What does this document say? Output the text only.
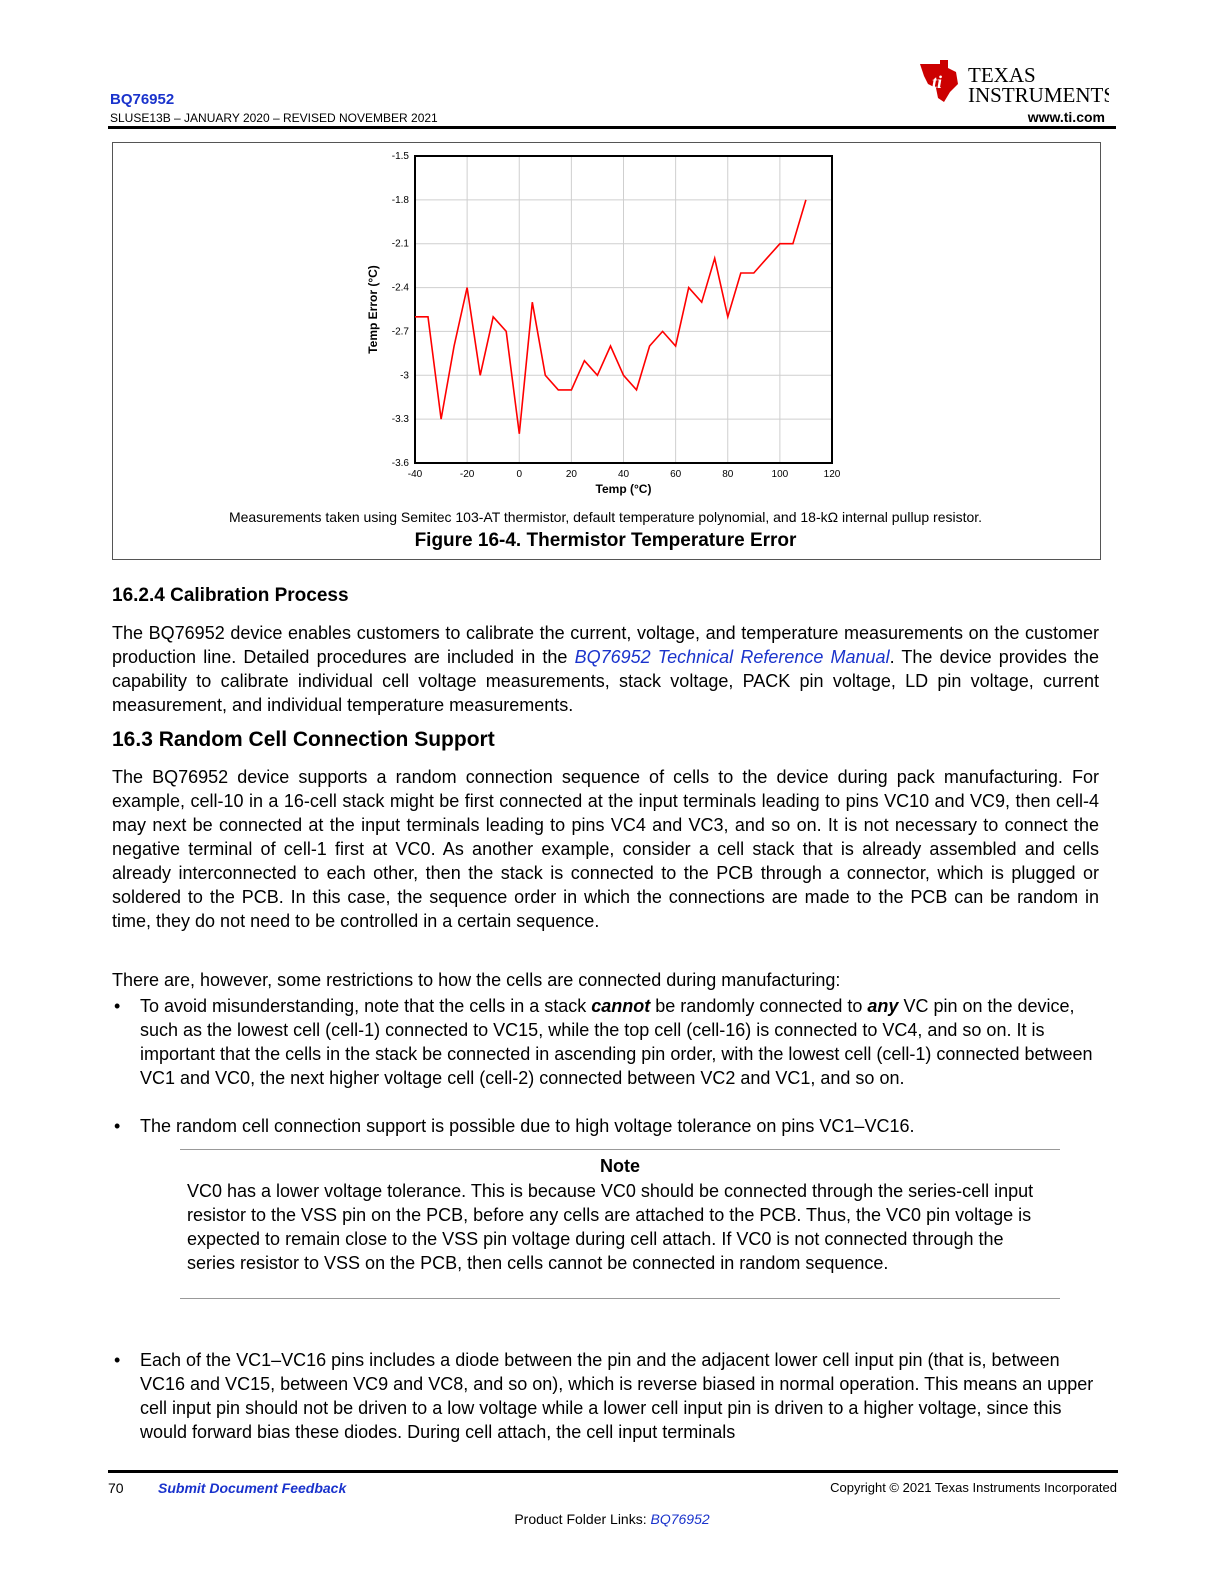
BQ76952
SLUSE13B – JANUARY 2020 – REVISED NOVEMBER 2021
ti TEXAS
INSTRUMENTS
www.ti.com
-40	-20	0	20	40	60	80	100	120
-1.5
-1.8
-2.1
-2.4
-2.7
-3
-3.3
-3.6
Temp (°C)
Temp Error (°C)
Measurements taken using Semitec 103-AT thermistor, default temperature polynomial, and 18-kΩ internal pullup resistor.
Figure 16-4. Thermistor Temperature Error
16.2.4 Calibration Process
The BQ76952 device enables customers to calibrate the current, voltage, and temperature measurements on the customer production line. Detailed procedures are included in the BQ76952 Technical Reference Manual. The device provides the capability to calibrate individual cell voltage measurements, stack voltage, PACK pin voltage, LD pin voltage, current measurement, and individual temperature measurements.
16.3 Random Cell Connection Support
The BQ76952 device supports a random connection sequence of cells to the device during pack manufacturing. For example, cell-10 in a 16-cell stack might be first connected at the input terminals leading to pins VC10 and VC9, then cell-4 may next be connected at the input terminals leading to pins VC4 and VC3, and so on. It is not necessary to connect the negative terminal of cell-1 first at VC0. As another example, consider a cell stack that is already assembled and cells already interconnected to each other, then the stack is connected to the PCB through a connector, which is plugged or soldered to the PCB. In this case, the sequence order in which the connections are made to the PCB can be random in time, they do not need to be controlled in a certain sequence.
There are, however, some restrictions to how the cells are connected during manufacturing:
• To avoid misunderstanding, note that the cells in a stack cannot be randomly connected to any VC pin on the device, such as the lowest cell (cell-1) connected to VC15, while the top cell (cell-16) is connected to VC4, and so on. It is important that the cells in the stack be connected in ascending pin order, with the lowest cell (cell-1) connected between VC1 and VC0, the next higher voltage cell (cell-2) connected between VC2 and VC1, and so on.
• The random cell connection support is possible due to high voltage tolerance on pins VC1–VC16.
Note
VC0 has a lower voltage tolerance. This is because VC0 should be connected through the series-cell input resistor to the VSS pin on the PCB, before any cells are attached to the PCB. Thus, the VC0 pin voltage is expected to remain close to the VSS pin voltage during cell attach. If VC0 is not connected through the series resistor to VSS on the PCB, then cells cannot be connected in random sequence.
• Each of the VC1–VC16 pins includes a diode between the pin and the adjacent lower cell input pin (that is, between VC16 and VC15, between VC9 and VC8, and so on), which is reverse biased in normal operation. This means an upper cell input pin should not be driven to a low voltage while a lower cell input pin is driven to a higher voltage, since this would forward bias these diodes. During cell attach, the cell input terminals
70 Submit Document Feedback	Copyright © 2021 Texas Instruments Incorporated
Product Folder Links: BQ76952
